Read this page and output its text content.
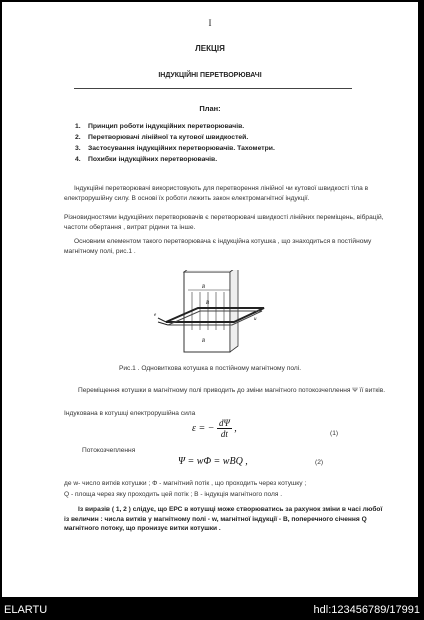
I
ЛЕКЦІЯ
ІНДУКЦІЙНІ ПЕРЕТВОРЮВАЧІ
План:
1. Принцип роботи індукційних перетворювачів.
2. Перетворювачі лінійної та кутової швидкостей.
3. Застосування індукційних перетворювачів. Тахометри.
4. Похибки індукційних перетворювачів.
Індукційні перетворювачі використовують для перетворення лінійної чи кутової швидкості тіла в електрорушійну силу. В основі їх роботи лежить закон електромагнітної індукції.
Різновидностями індукційних перетворювачів є перетворювачі швидкості лінійних переміщень, вібрацій, частоти обертання , витрат рідини та інше.
Основним елементом такого перетворювача є індукційна котушка , що знаходиться в постійному магнітному полі, рис.1 .
B
B
B
u
e
Рис.1 . Одновиткова котушка в постійному магнітному полі.
Переміщення котушки в магнітному полі приводить до зміни магнітного потокозчеплення Ψ її витків.
Індукована в котушці електрорушійна сила
ε = − $\frac{d\Psi}{dt}$ ,	(1)
Потокозчеплення
Ψ = wΦ = wBQ ,	(2)
де w- число витків котушки ; Φ - магнітний потік , що проходить через котушку ;
Q - площа через яку проходить цей потік ; B - індукція магнітного поля .
Із виразів ( 1, 2 ) слідує, що ЕРС в котушці може створюватись за рахунок зміни в часі любої із величин : числа витків у магнітному полі - w, магнітної індукції - B, поперечного січення Q магнітного потоку, що пронизує витки котушки .
ELARTU	hdl:123456789/17991
